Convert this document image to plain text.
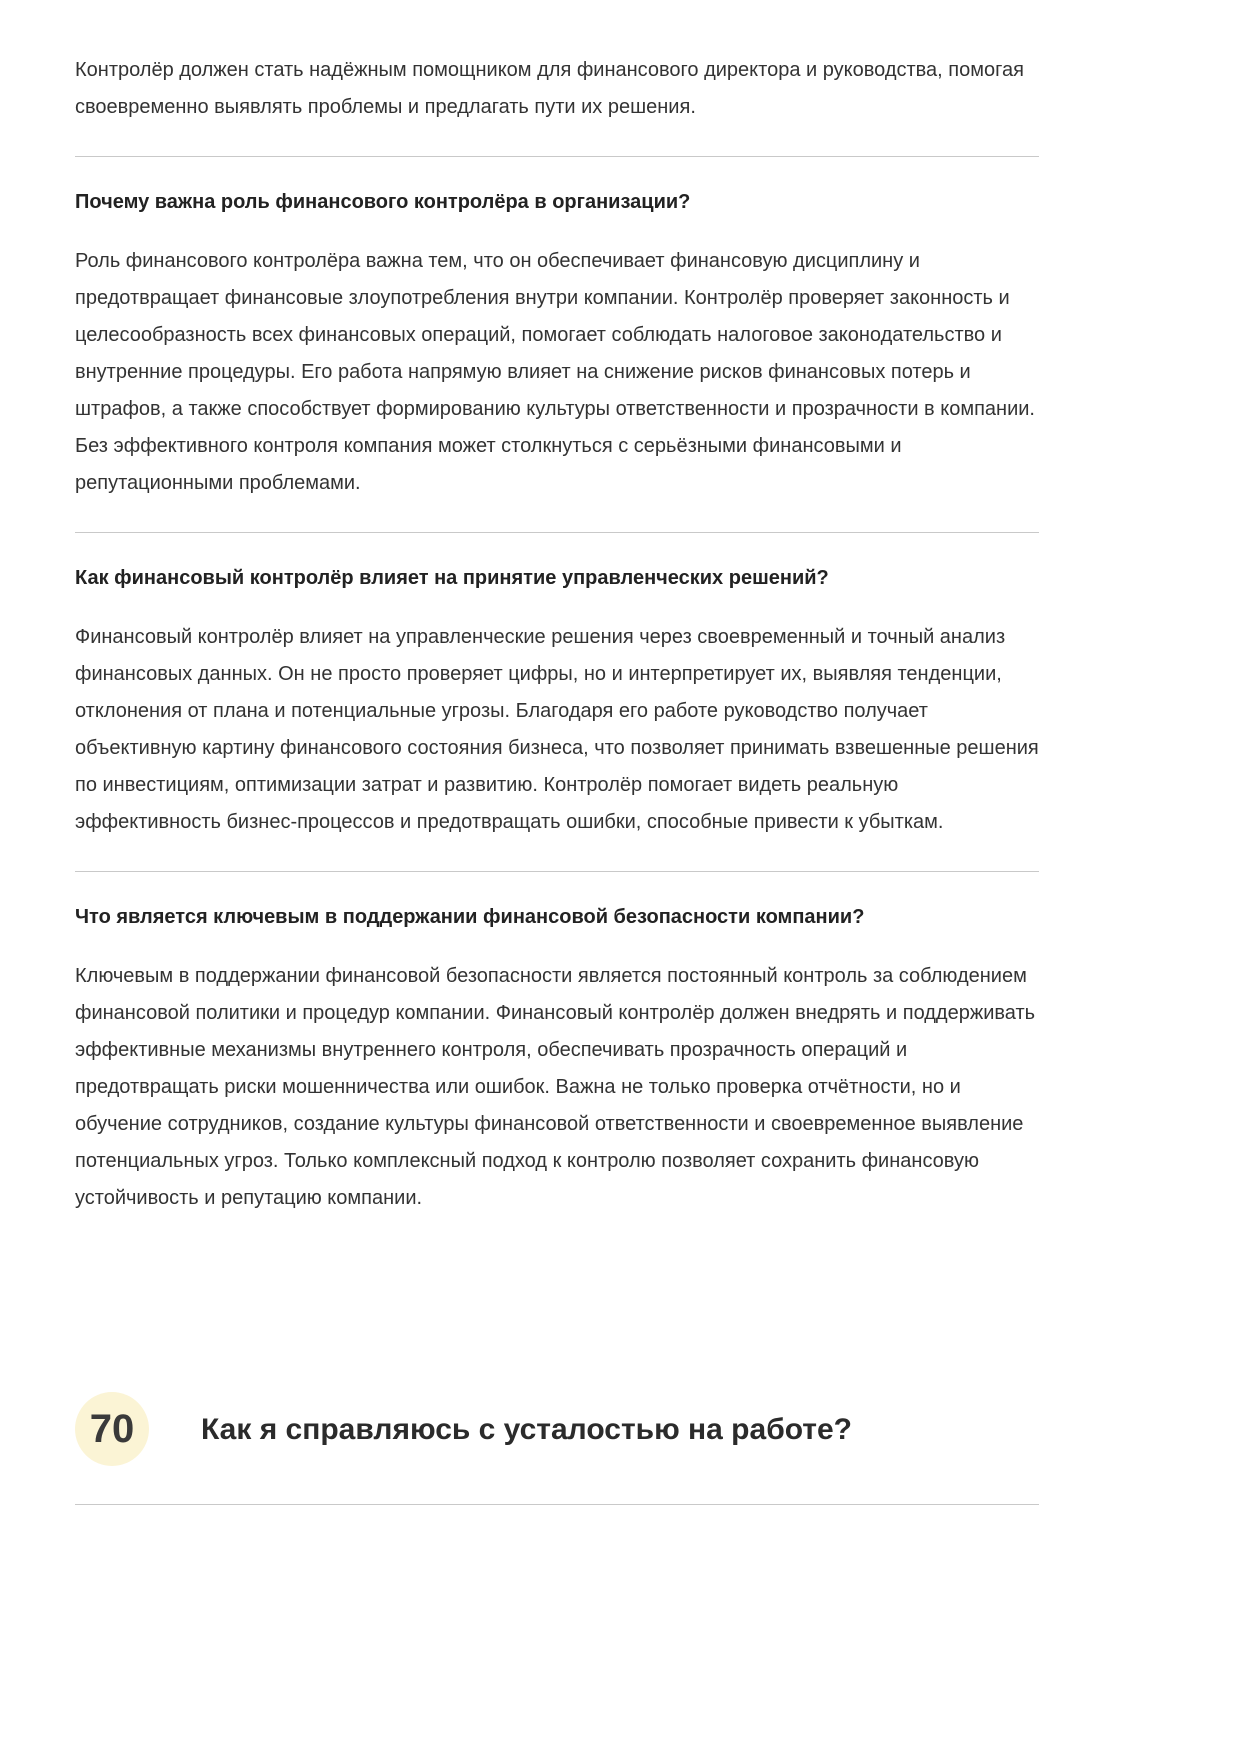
Контролёр должен стать надёжным помощником для финансового директора и руководства, помогая своевременно выявлять проблемы и предлагать пути их решения.

Почему важна роль финансового контролёра в организации?

Роль финансового контролёра важна тем, что он обеспечивает финансовую дисциплину и предотвращает финансовые злоупотребления внутри компании. Контролёр проверяет законность и целесообразность всех финансовых операций, помогает соблюдать налоговое законодательство и внутренние процедуры. Его работа напрямую влияет на снижение рисков финансовых потерь и штрафов, а также способствует формированию культуры ответственности и прозрачности в компании. Без эффективного контроля компания может столкнуться с серьёзными финансовыми и репутационными проблемами.

Как финансовый контролёр влияет на принятие управленческих решений?

Финансовый контролёр влияет на управленческие решения через своевременный и точный анализ финансовых данных. Он не просто проверяет цифры, но и интерпретирует их, выявляя тенденции, отклонения от плана и потенциальные угрозы. Благодаря его работе руководство получает объективную картину финансового состояния бизнеса, что позволяет принимать взвешенные решения по инвестициям, оптимизации затрат и развитию. Контролёр помогает видеть реальную эффективность бизнес-процессов и предотвращать ошибки, способные привести к убыткам.

Что является ключевым в поддержании финансовой безопасности компании?

Ключевым в поддержании финансовой безопасности является постоянный контроль за соблюдением финансовой политики и процедур компании. Финансовый контролёр должен внедрять и поддерживать эффективные механизмы внутреннего контроля, обеспечивать прозрачность операций и предотвращать риски мошенничества или ошибок. Важна не только проверка отчётности, но и обучение сотрудников, создание культуры финансовой ответственности и своевременное выявление потенциальных угроз. Только комплексный подход к контролю позволяет сохранить финансовую устойчивость и репутацию компании.

70	Как я справляюсь с усталостью на работе?
